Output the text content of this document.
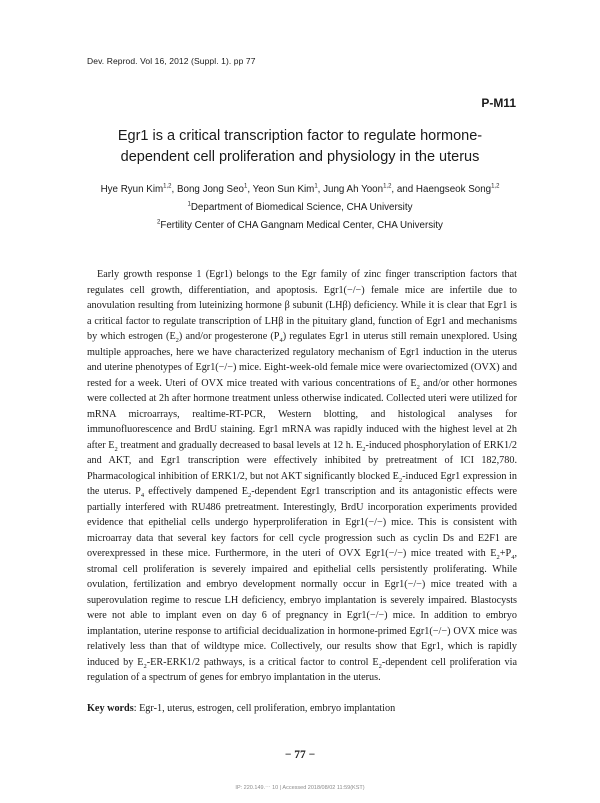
Dev. Reprod. Vol 16, 2012 (Suppl. 1). pp 77
P-M11
Egr1 is a critical transcription factor to regulate hormone-
dependent cell proliferation and physiology in the uterus
Hye Ryun Kim$^{1,2}$, Bong Jong Seo$^1$, Yeon Sun Kim$^1$, Jung Ah Yoon$^{1,2}$, and Haengseok Song$^{1,2}$
$^1$Department of Biomedical Science, CHA University
$^2$Fertility Center of CHA Gangnam Medical Center, CHA University
Early growth response 1 (Egr1) belongs to the Egr family of zinc finger transcription factors that regulates cell growth, differentiation, and apoptosis. Egr1(−/−) female mice are infertile due to anovulation resulting from luteinizing hormone β subunit (LHβ) deficiency. While it is clear that Egr1 is a critical factor to regulate transcription of LHβ in the pituitary gland, function of Egr1 and mechanisms by which estrogen $(E_2)$ and/or progesterone $(P_4)$ regulates Egr1 in uterus still remain unexplored. Using multiple approaches, here we have characterized regulatory mechanism of Egr1 induction in the uterus and uterine phenotypes of Egr1(−/−) mice. Eight-week-old female mice were ovariectomized (OVX) and rested for a week. Uteri of OVX mice treated with various concentrations of $E_2$ and/or other hormones were collected at 2h after hormone treatment unless otherwise indicated. Collected uteri were utilized for mRNA microarrays, realtime-RT-PCR, Western blotting, and histological analyses for immunofluorescence and BrdU staining. Egr1 mRNA was rapidly induced with the highest level at 2h after $E_2$ treatment and gradually decreased to basal levels at 12 h. $E_2$-induced phosphorylation of ERK1/2 and AKT, and Egr1 transcription were effectively inhibited by pretreatment of ICI 182,780. Pharmacological inhibition of ERK1/2, but not AKT significantly blocked $E_2$-induced Egr1 expression in the uterus. $P_4$ effectively dampened $E_2$-dependent Egr1 transcription and its antagonistic effects were partially interfered with RU486 pretreatment. Interestingly, BrdU incorporation experiments provided evidence that epithelial cells undergo hyperproliferation in Egr1(−/−) mice. This is consistent with microarray data that several key factors for cell cycle progression such as cyclin Ds and E2F1 are overexpressed in these mice. Furthermore, in the uteri of OVX Egr1(−/−) mice treated with $E_2+P_4$, stromal cell proliferation is severely impaired and epithelial cells persistently proliferating. While ovulation, fertilization and embryo development normally occur in Egr1(−/−) mice treated with a superovulation regime to rescue LH deficiency, embryo implantation is severely impaired. Blastocysts were not able to implant even on day 6 of pregnancy in Egr1(−/−) mice. In addition to embryo implantation, uterine response to artificial decidualization in hormone-primed Egr1(−/−) OVX mice was relatively less than that of wildtype mice. Collectively, our results show that Egr1, which is rapidly induced by $E_2-ER-ERK1/2$ pathways, is a critical factor to control $E_2$-dependent cell proliferation via regulation of a spectrum of genes for embryo implantation in the uterus.
Key words: Egr-1, uterus, estrogen, cell proliferation, embryo implantation
− 77 −
IP: 220.149.⋯ 10 | Accessed 2018/08/02 11:59(KST)
